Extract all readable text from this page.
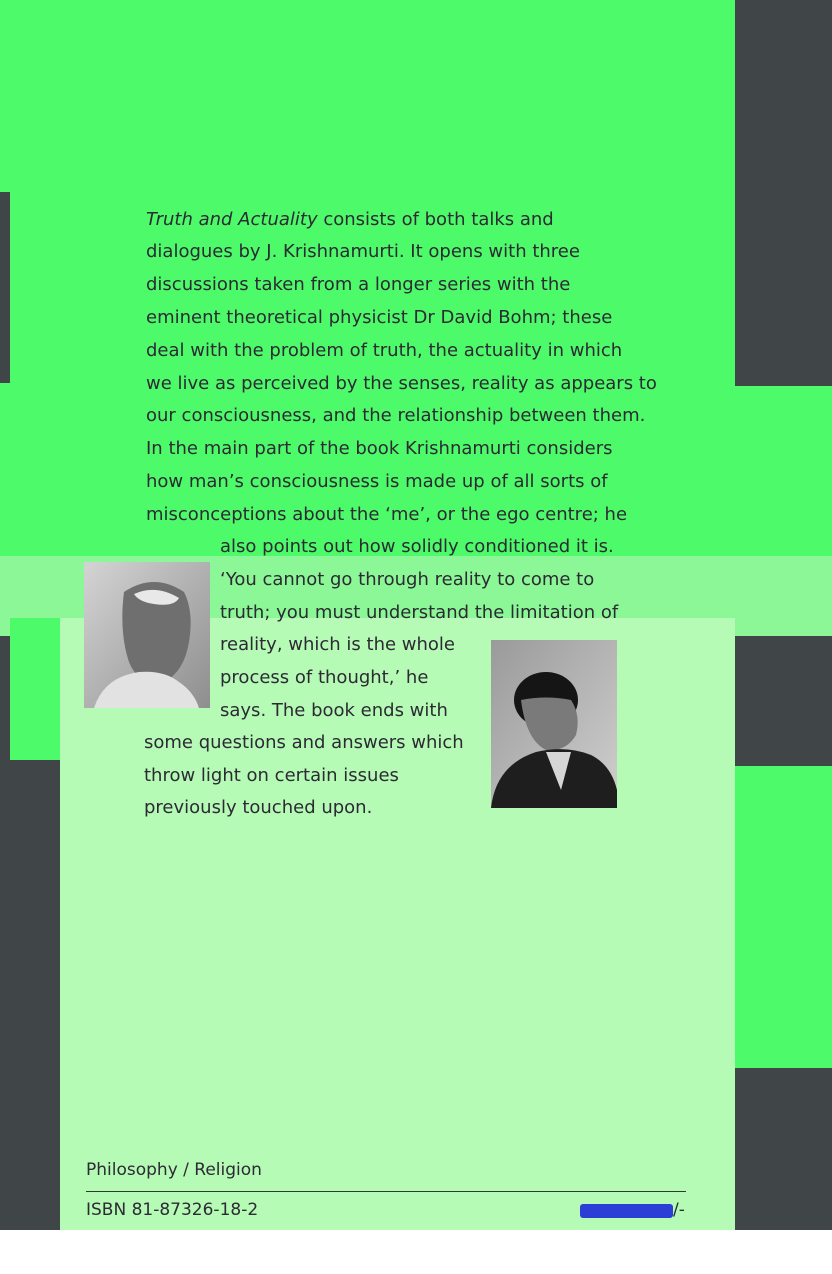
Truth and Actuality consists of both talks and
dialogues by J. Krishnamurti. It opens with three
discussions taken from a longer series with the
eminent theoretical physicist Dr David Bohm; these
deal with the problem of truth, the actuality in which
we live as perceived by the senses, reality as appears to
our consciousness, and the relationship between them.
In the main part of the book Krishnamurti considers
how man’s consciousness is made up of all sorts of
misconceptions about the ‘me’, or the ego centre; he
also points out how solidly conditioned it is.
‘You cannot go through reality to come to
truth; you must understand the limitation of
reality, which is the whole
process of thought,’ he
says. The book ends with
some questions and answers which
throw light on certain issues
previously touched upon.
Philosophy / Religion
ISBN 81-87326-18-2	/-
